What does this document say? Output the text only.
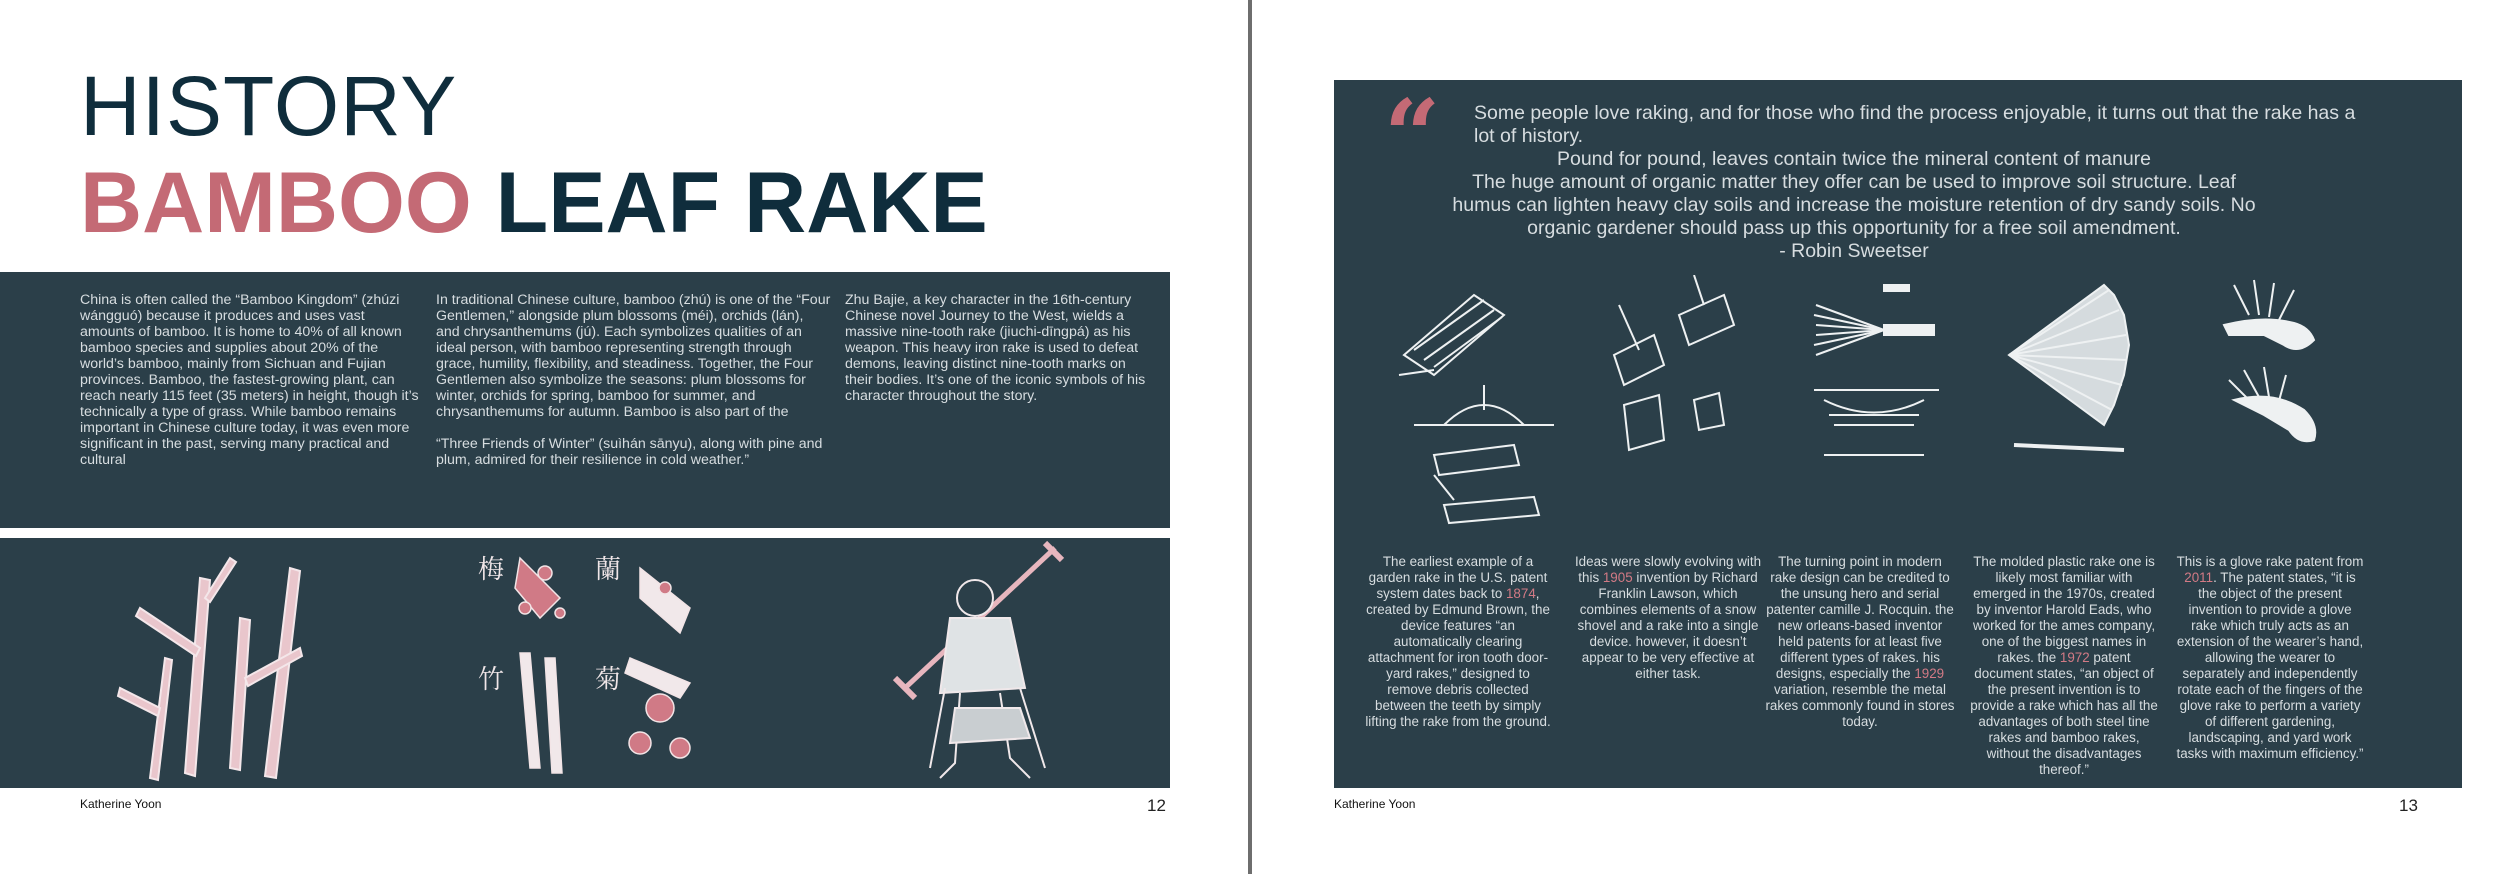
HISTORY
BAMBOO LEAF RAKE

China is often called the “Bamboo Kingdom” (zhúzi wángguó) because it produces and uses vast amounts of bamboo. It is home to 40% of all known bamboo species and supplies about 20% of the world’s bamboo, mainly from Sichuan and Fujian provinces. Bamboo, the fastest-growing plant, can reach nearly 115 feet (35 meters) in height, though it’s technically a type of grass. While bamboo remains important in Chinese culture today, it was even more significant in the past, serving many practical and cultural

In traditional Chinese culture, bamboo (zhú) is one of the “Four Gentlemen,” alongside plum blossoms (méi), orchids (lán), and chrysanthemums (jú). Each symbolizes qualities of an ideal person, with bamboo representing strength through grace, humility, flexibility, and steadiness. Together, the Four Gentlemen also symbolize the seasons: plum blossoms for winter, orchids for spring, bamboo for summer, and chrysanthemums for autumn. Bamboo is also part of the

“Three Friends of Winter” (suìhán sānyu), along with pine and plum, admired for their resilience in cold weather.”

Zhu Bajie, a key character in the 16th-century Chinese novel Journey to the West, wields a massive nine-tooth rake (jiuchi-dīngpá) as his weapon. This heavy iron rake is used to defeat demons, leaving distinct nine-tooth marks on their bodies. It’s one of the iconic symbols of his character throughout the story.

梅	蘭
竹	菊
Katherine Yoon	12
“ Some people love raking, and for those who find the process enjoyable, it turns out that the rake has a lot of history.
Pound for pound, leaves contain twice the mineral content of manure
The huge amount of organic matter they offer can be used to improve soil structure. Leaf
humus can lighten heavy clay soils and increase the moisture retention of dry sandy soils. No
organic gardener should pass up this opportunity for a free soil amendment.
- Robin Sweetser
The earliest example of a garden rake in the U.S. patent system dates back to 1874, created by Edmund Brown, the device features “an automatically clearing attachment for iron tooth door-yard rakes,” designed to remove debris collected between the teeth by simply lifting the rake from the ground.
Ideas were slowly evolving with this 1905 invention by Richard Franklin Lawson, which combines elements of a snow shovel and a rake into a single device. however, it doesn’t appear to be very effective at either task.
The turning point in modern rake design can be credited to the unsung hero and serial patenter camille J. Rocquin. the new orleans-based inventor held patents for at least five different types of rakes. his designs, especially the 1929 variation, resemble the metal rakes commonly found in stores today.
The molded plastic rake one is likely most familiar with emerged in the 1970s, created by inventor Harold Eads, who worked for the ames company, one of the biggest names in rakes. the 1972 patent document states, “an object of the present invention is to provide a rake which has all the advantages of both steel tine rakes and bamboo rakes, without the disadvantages thereof.”
This is a glove rake patent from 2011. The patent states, “it is the object of the present invention to provide a glove rake which truly acts as an extension of the wearer’s hand, allowing the wearer to separately and independently rotate each of the fingers of the glove rake to perform a variety of different gardening, landscaping, and yard work tasks with maximum efficiency.”
Katherine Yoon	13
